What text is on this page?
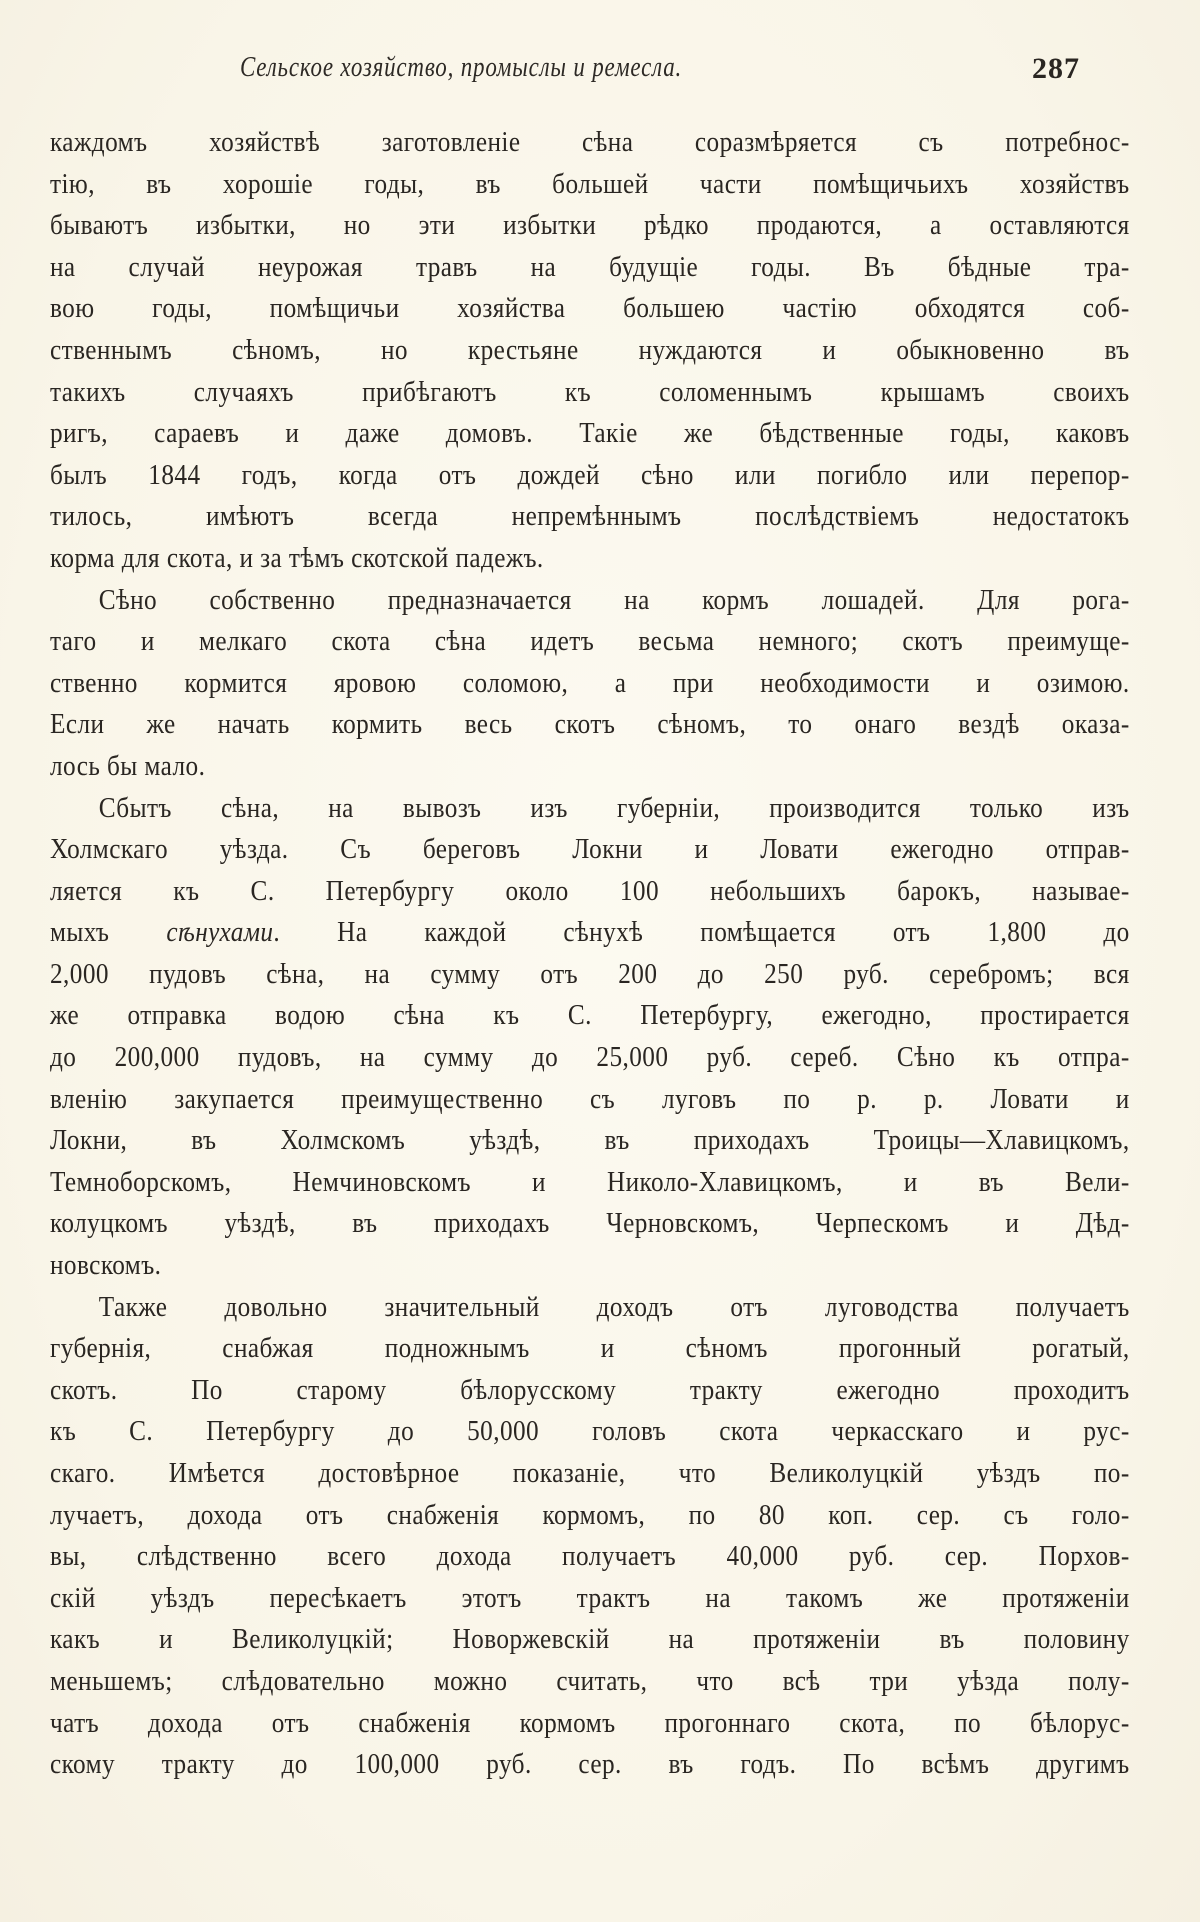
Сельское хозяйство, промыслы и ремесла.	287
каждомъ хозяйствѣ заготовленіе сѣна соразмѣряется съ потребнос-
тію, въ хорошіе годы, въ большей части помѣщичьихъ хозяйствъ
бываютъ избытки, но эти избытки рѣдко продаются, а оставляются
на случай неурожая травъ на будущіе годы. Въ бѣдные тра-
вою годы, помѣщичьи хозяйства большею частію обходятся соб-
ственнымъ сѣномъ, но крестьяне нуждаются и обыкновенно въ
такихъ случаяхъ прибѣгаютъ къ соломеннымъ крышамъ своихъ
ригъ, сараевъ и даже домовъ. Такіе же бѣдственные годы, каковъ
былъ 1844 годъ, когда отъ дождей сѣно или погибло или перепор-
тилось, имѣютъ всегда непремѣннымъ послѣдствіемъ недостатокъ
корма для скота, и за тѣмъ скотской падежъ.
Сѣно собственно предназначается на кормъ лошадей. Для рога-
таго и мелкаго скота сѣна идетъ весьма немного; скотъ преимуще-
ственно кормится яровою соломою, а при необходимости и озимою.
Если же начать кормить весь скотъ сѣномъ, то онаго вездѣ оказа-
лось бы мало.
Сбытъ сѣна, на вывозъ изъ губерніи, производится только изъ
Холмскаго уѣзда. Съ береговъ Локни и Ловати ежегодно отправ-
ляется къ С. Петербургу около 100 небольшихъ барокъ, называе-
мыхъ сѣнухами. На каждой сѣнухѣ помѣщается отъ 1,800 до
2,000 пудовъ сѣна, на сумму отъ 200 до 250 руб. серебромъ; вся
же отправка водою сѣна къ С. Петербургу, ежегодно, простирается
до 200,000 пудовъ, на сумму до 25,000 руб. сереб. Сѣно къ отпра-
вленію закупается преимущественно съ луговъ по р. р. Ловати и
Локни, въ Холмскомъ уѣздѣ, въ приходахъ Троицы—Хлавицкомъ,
Темноборскомъ, Немчиновскомъ и Николо-Хлавицкомъ, и въ Вели-
колуцкомъ уѣздѣ, въ приходахъ Черновскомъ, Черпескомъ и Дѣд-
новскомъ.
Также довольно значительный доходъ отъ луговодства получаетъ
губернія, снабжая подножнымъ и сѣномъ прогонный рогатый,
скотъ. По старому бѣлорусскому тракту ежегодно проходитъ
къ С. Петербургу до 50,000 головъ скота черкасскаго и рус-
скаго. Имѣется достовѣрное показаніе, что Великолуцкій уѣздъ по-
лучаетъ, дохода отъ снабженія кормомъ, по 80 коп. сер. съ голо-
вы, слѣдственно всего дохода получаетъ 40,000 руб. сер. Порхов-
скій уѣздъ пересѣкаетъ этотъ трактъ на такомъ же протяженіи
какъ и Великолуцкій; Новоржевскій на протяженіи въ половину
меньшемъ; слѣдовательно можно считать, что всѣ три уѣзда полу-
чатъ дохода отъ снабженія кормомъ прогоннаго скота, по бѣлорус-
скому тракту до 100,000 руб. сер. въ годъ. По всѣмъ другимъ
